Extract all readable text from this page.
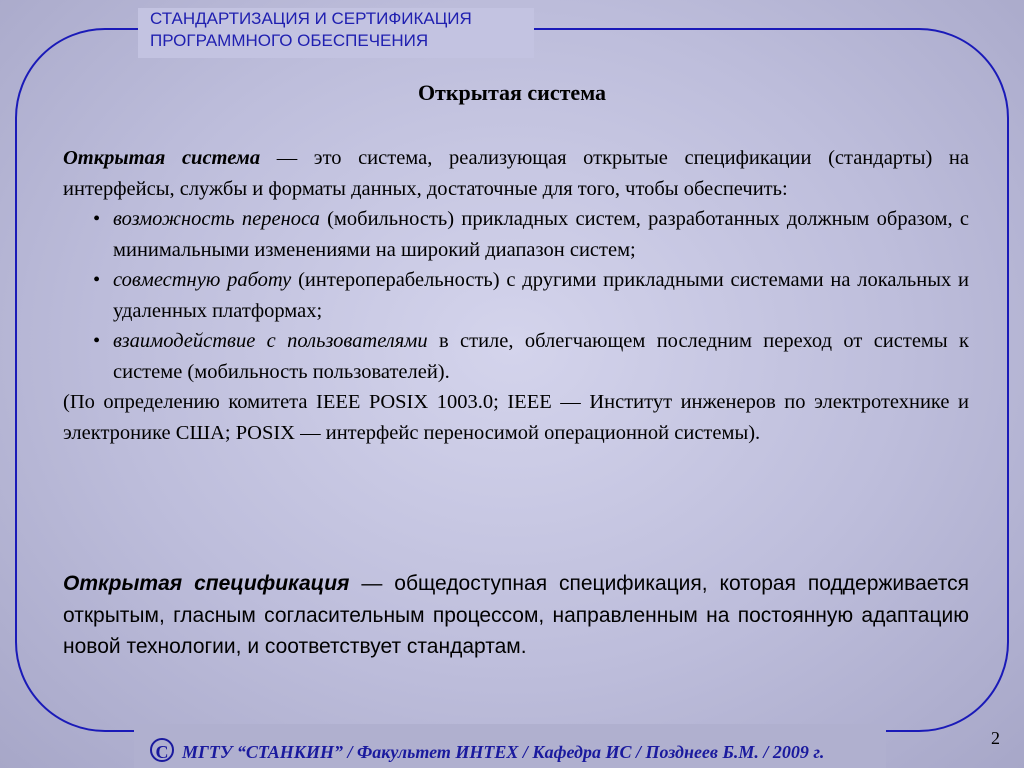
СТАНДАРТИЗАЦИЯ И СЕРТИФИКАЦИЯ
ПРОГРАММНОГО ОБЕСПЕЧЕНИЯ
Открытая система

Открытая система — это система, реализующая открытые спецификации (стандарты) на интерфейсы, службы и форматы данных, достаточные для того, чтобы обеспечить:

• возможность переноса (мобильность) прикладных систем, разработанных должным образом, с минимальными изменениями на широкий диапазон систем;
• совместную работу (интероперабельность) с другими прикладными системами на локальных и удаленных платформах;
• взаимодействие с пользователями в стиле, облегчающем последним переход от системы к системе (мобильность пользователей).

(По определению комитета IEEE POSIX 1003.0; IEEE — Институт инженеров по электротехнике и электронике США; POSIX — интерфейс переносимой операционной системы).

Открытая спецификация — общедоступная спецификация, которая поддерживается открытым, гласным согласительным процессом, направленным на постоянную адаптацию новой технологии, и соответствует стандартам.
C МГТУ “СТАНКИН” / Факультет ИНТЕХ / Кафедра ИС / Позднеев Б.М. / 2009 г.
2
